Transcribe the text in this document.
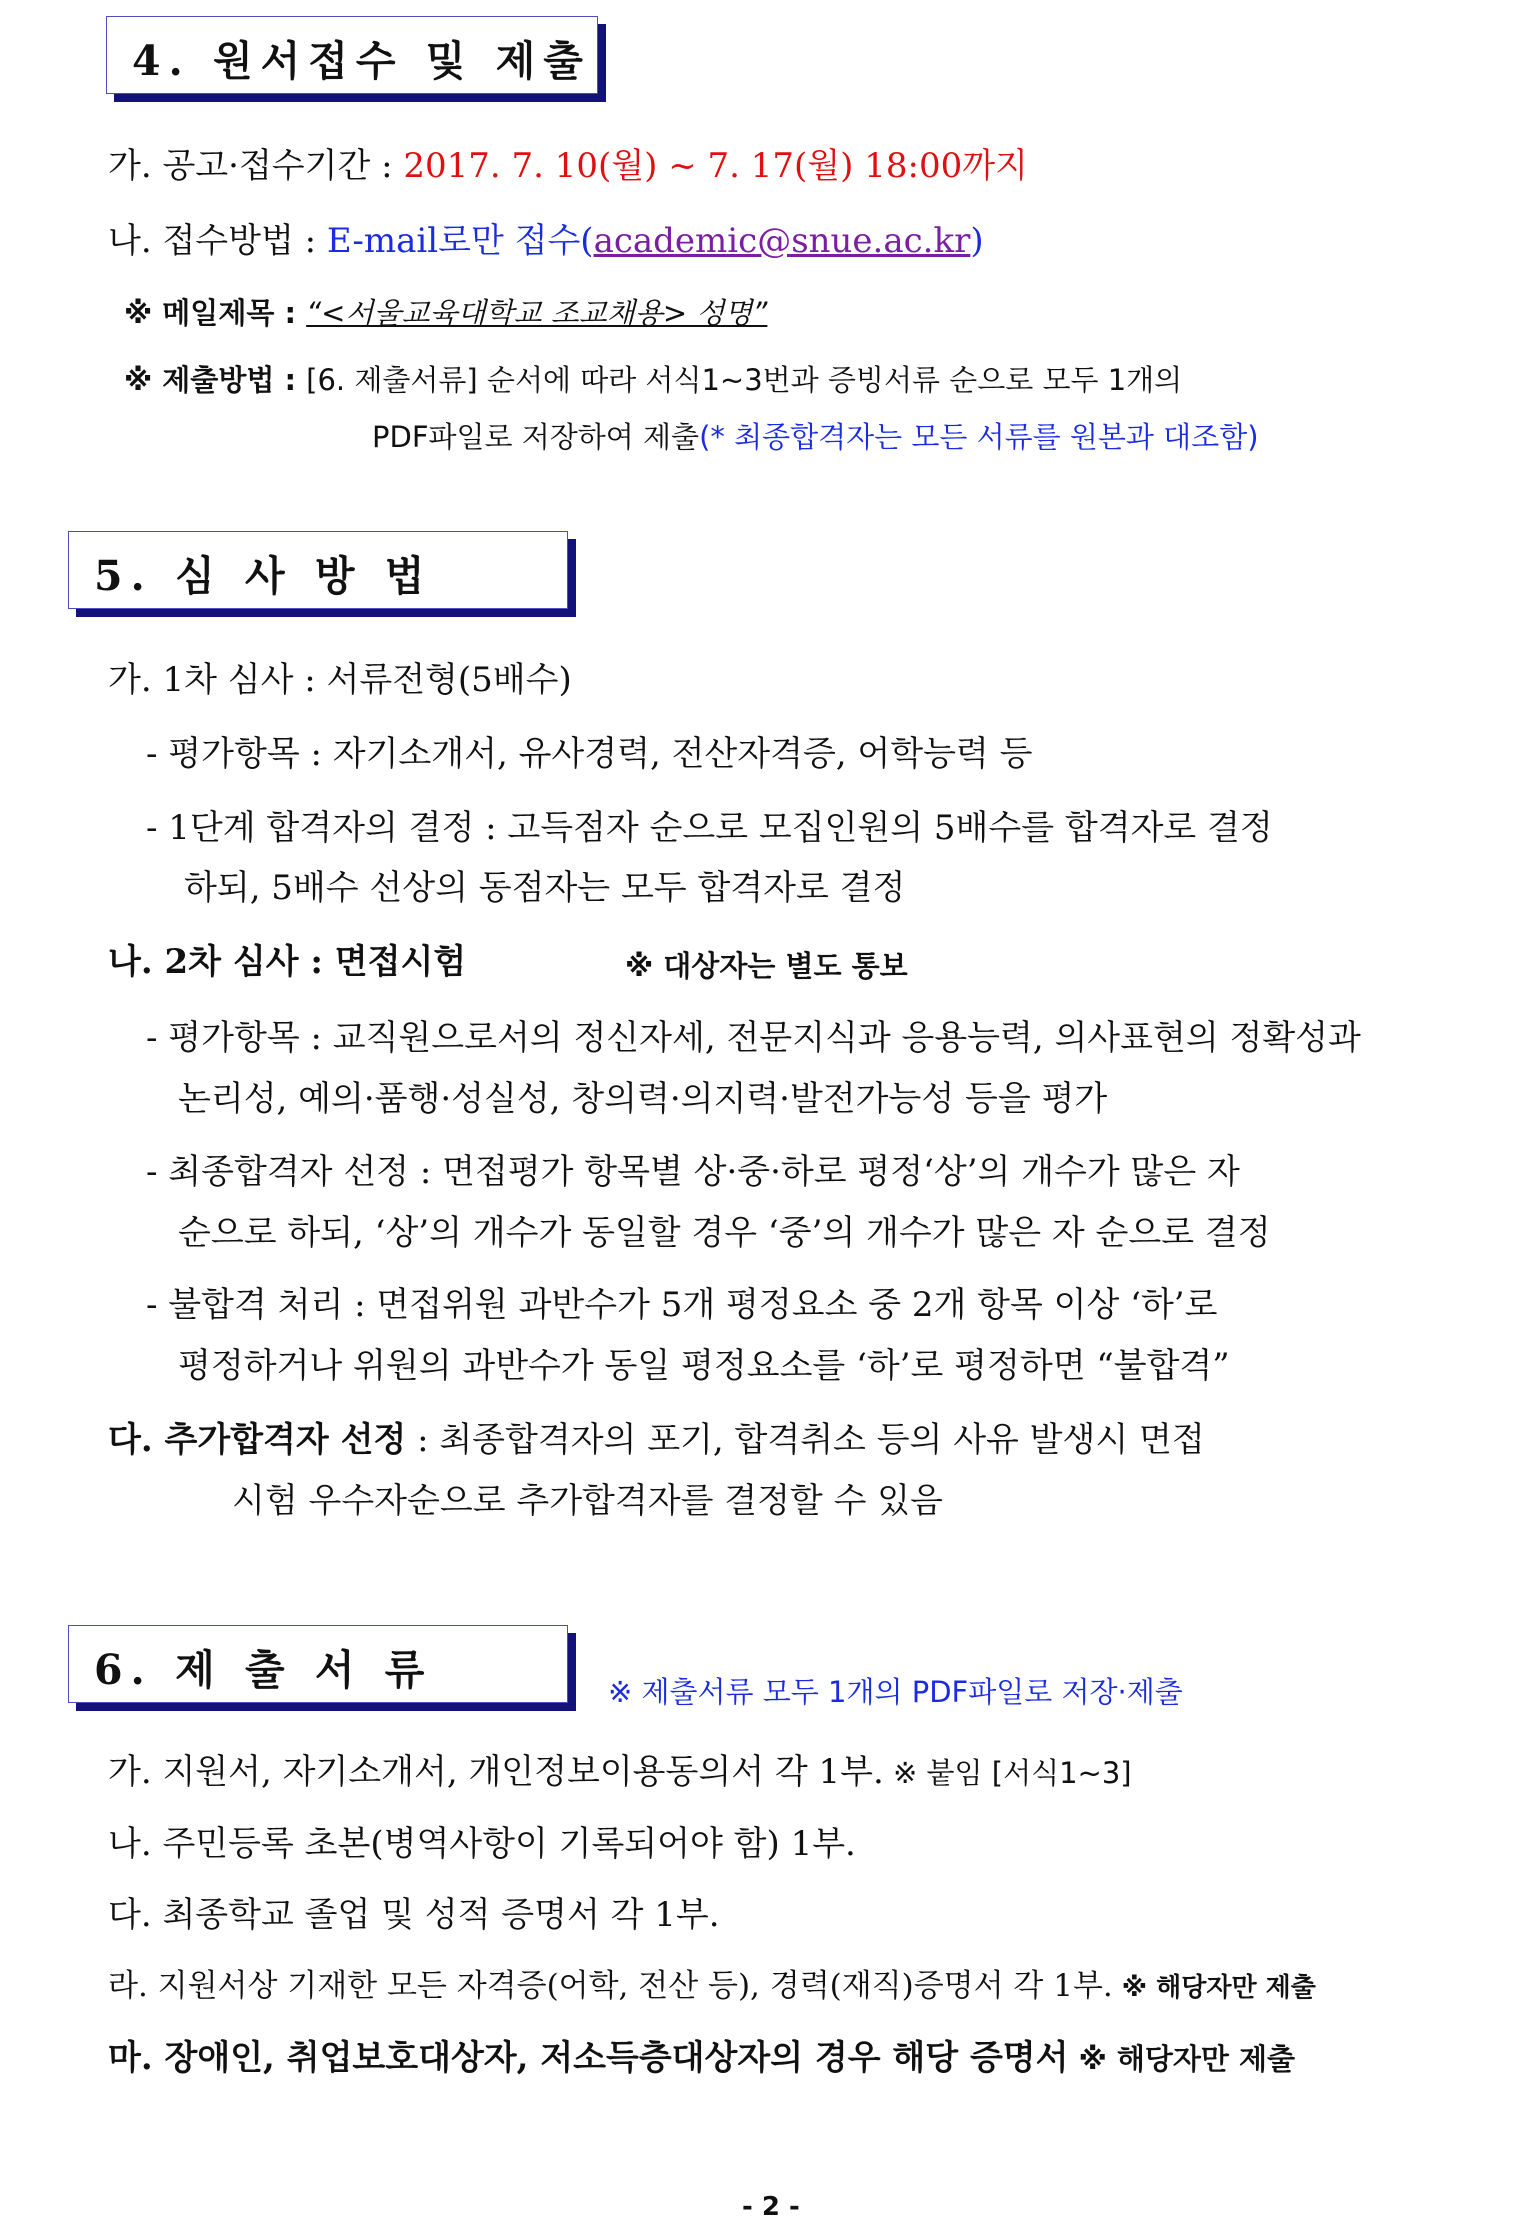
4. 원서접수 및 제출
가. 공고·접수기간 : 2017. 7. 10(월) ~ 7. 17(월) 18:00까지
나. 접수방법 : E-mail로만 접수(academic@snue.ac.kr)
※ 메일제목 : “<서울교육대학교 조교채용> 성명”
※ 제출방법 : [6. 제출서류] 순서에 따라 서식1~3번과 증빙서류 순으로 모두 1개의
PDF파일로 저장하여 제출(* 최종합격자는 모든 서류를 원본과 대조함)
5. 심 사 방 법
가. 1차 심사 : 서류전형(5배수)
- 평가항목 : 자기소개서, 유사경력, 전산자격증, 어학능력 등
- 1단계 합격자의 결정 : 고득점자 순으로 모집인원의 5배수를 합격자로 결정
하되, 5배수 선상의 동점자는 모두 합격자로 결정
나. 2차 심사 : 면접시험	※ 대상자는 별도 통보
- 평가항목 : 교직원으로서의 정신자세, 전문지식과 응용능력, 의사표현의 정확성과
논리성, 예의·품행·성실성, 창의력·의지력·발전가능성 등을 평가
- 최종합격자 선정 : 면접평가 항목별 상·중·하로 평정‘상’의 개수가 많은 자
순으로 하되, ‘상’의 개수가 동일할 경우 ‘중’의 개수가 많은 자 순으로 결정
- 불합격 처리 : 면접위원 과반수가 5개 평정요소 중 2개 항목 이상 ‘하’로
평정하거나 위원의 과반수가 동일 평정요소를 ‘하’로 평정하면 “불합격”
다. 추가합격자 선정 : 최종합격자의 포기, 합격취소 등의 사유 발생시 면접
시험 우수자순으로 추가합격자를 결정할 수 있음
6. 제 출 서 류	※ 제출서류 모두 1개의 PDF파일로 저장·제출
가. 지원서, 자기소개서, 개인정보이용동의서 각 1부. ※ 붙임 [서식1~3]
나. 주민등록 초본(병역사항이 기록되어야 함) 1부.
다. 최종학교 졸업 및 성적 증명서 각 1부.
라. 지원서상 기재한 모든 자격증(어학, 전산 등), 경력(재직)증명서 각 1부. ※ 해당자만 제출
마. 장애인, 취업보호대상자, 저소득층대상자의 경우 해당 증명서 ※ 해당자만 제출
- 2 -
